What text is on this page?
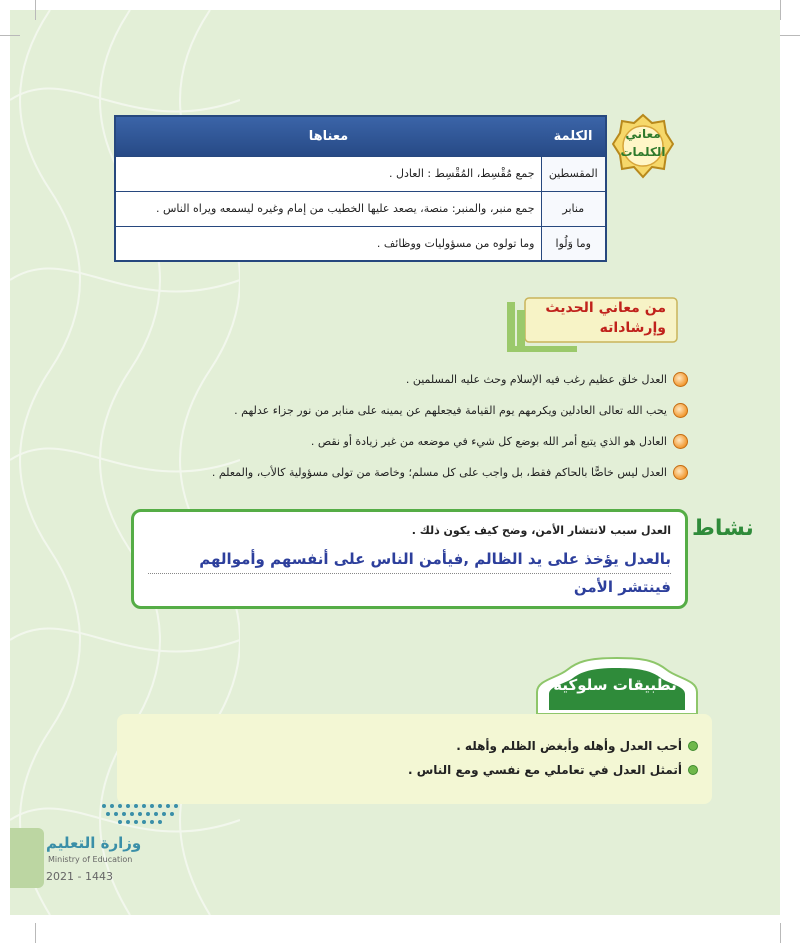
معاني
الكلمات
الكلمة	معناها
المقسطين	جمع مُقْسِط، المُقْسِط : العادل .
منابر	جمع منبر، والمنبر: منصة، يصعد عليها الخطيب من إمام وغيره ليسمعه ويراه الناس .
وما وَلُوا	وما تولوه من مسؤوليات ووظائف .
من معاني الحديث
وإرشاداته
العدل خلق عظيم رغب فيه الإسلام وحث عليه المسلمين .
يحب الله تعالى العادلين ويكرمهم يوم القيامة فيجعلهم عن يمينه على منابر من نور جزاء عدلهم .
العادل هو الذي يتبع أمر الله بوضع كل شيء في موضعه من غير زيادة أو نقص .
العدل ليس خاصًّا بالحاكم فقط، بل واجب على كل مسلم؛ وخاصة من تولى مسؤولية كالأب، والمعلم .
نشاط
العدل سبب لانتشار الأمن، وضح كيف يكون ذلك .
بالعدل يؤخذ على يد الظالم ,فيأمن الناس على أنفسهم وأموالهم
فينتشر الأمن
تطبيقات سلوكية
أحب العدل وأهله وأبغض الظلم وأهله .
أتمثل العدل في تعاملي مع نفسي ومع الناس .
وزارة التعليم
Ministry of Education
2021 - 1443
